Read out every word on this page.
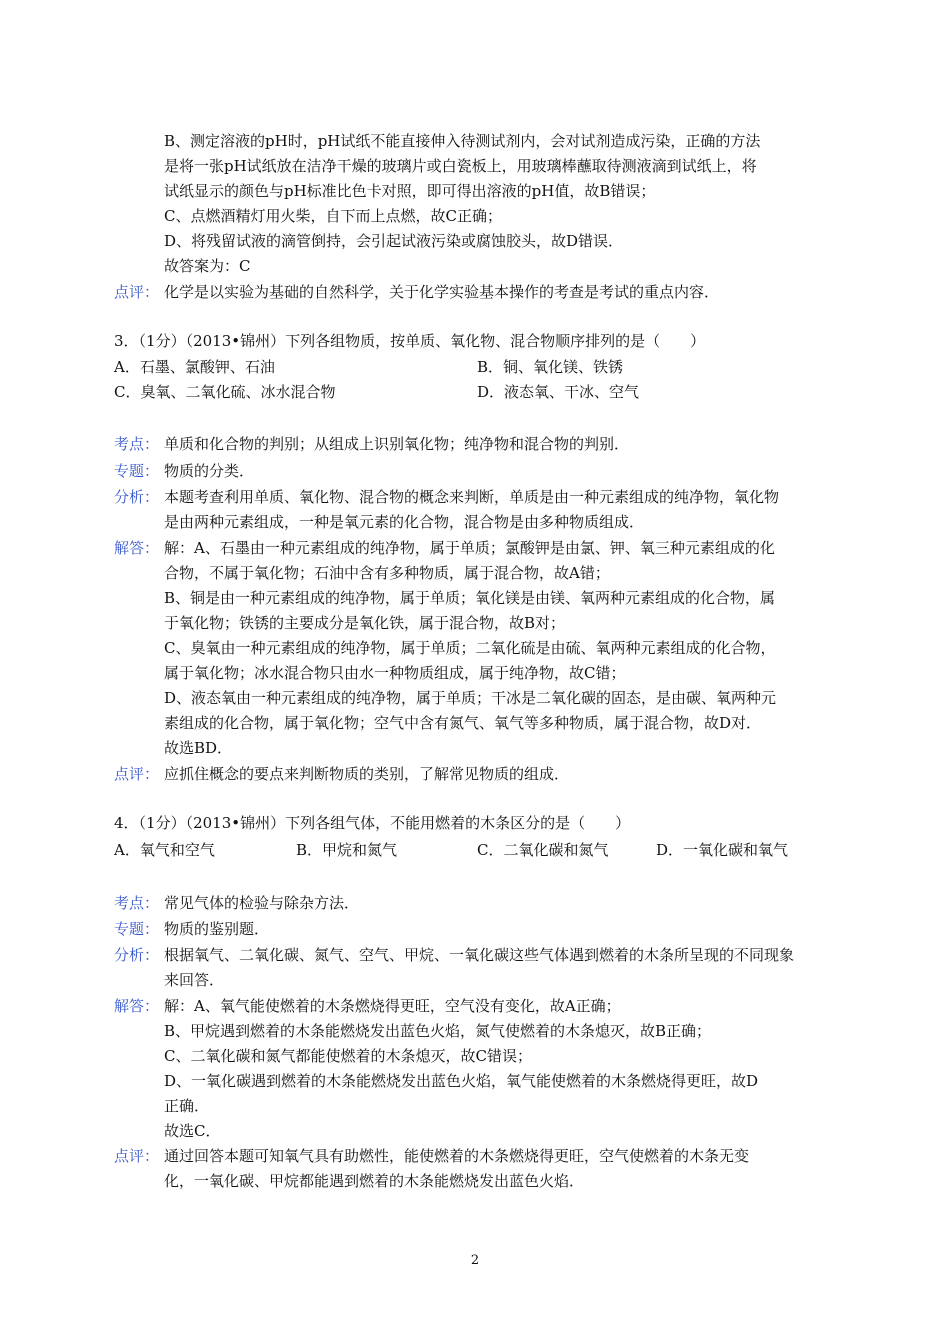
B、测定溶液的pH时，pH试纸不能直接伸入待测试剂内，会对试剂造成污染，正确的方法
是将一张pH试纸放在洁净干燥的玻璃片或白瓷板上，用玻璃棒蘸取待测液滴到试纸上，将
试纸显示的颜色与pH标准比色卡对照，即可得出溶液的pH值，故B错误；
C、点燃酒精灯用火柴，自下而上点燃，故C正确；
D、将残留试液的滴管倒持，会引起试液污染或腐蚀胶头，故D错误．
故答案为：C
点评： 化学是以实验为基础的自然科学，关于化学实验基本操作的考查是考试的重点内容．
3．（1分）（2013•锦州）下列各组物质，按单质、氧化物、混合物顺序排列的是（　　）
A．石墨、氯酸钾、石油	B．铜、氧化镁、铁锈
C．臭氧、二氧化硫、冰水混合物	D．液态氧、干冰、空气
考点： 单质和化合物的判别；从组成上识别氧化物；纯净物和混合物的判别．
专题： 物质的分类．
分析： 本题考查利用单质、氧化物、混合物的概念来判断，单质是由一种元素组成的纯净物，氧化物
是由两种元素组成，一种是氧元素的化合物，混合物是由多种物质组成．
解答： 解：A、石墨由一种元素组成的纯净物，属于单质；氯酸钾是由氯、钾、氧三种元素组成的化
合物，不属于氧化物；石油中含有多种物质，属于混合物，故A错；
B、铜是由一种元素组成的纯净物，属于单质；氧化镁是由镁、氧两种元素组成的化合物，属
于氧化物；铁锈的主要成分是氧化铁，属于混合物，故B对；
C、臭氧由一种元素组成的纯净物，属于单质；二氧化硫是由硫、氧两种元素组成的化合物，
属于氧化物；冰水混合物只由水一种物质组成，属于纯净物，故C错；
D、液态氧由一种元素组成的纯净物，属于单质；干冰是二氧化碳的固态，是由碳、氧两种元
素组成的化合物，属于氧化物；空气中含有氮气、氧气等多种物质，属于混合物，故D对．
故选BD．
点评： 应抓住概念的要点来判断物质的类别，了解常见物质的组成．
4．（1分）（2013•锦州）下列各组气体，不能用燃着的木条区分的是（　　）
A．氧气和空气	B．甲烷和氮气	C．二氧化碳和氮气	D．一氧化碳和氧气
考点： 常见气体的检验与除杂方法．
专题： 物质的鉴别题．
分析： 根据氧气、二氧化碳、氮气、空气、甲烷、一氧化碳这些气体遇到燃着的木条所呈现的不同现象
来回答．
解答： 解：A、氧气能使燃着的木条燃烧得更旺，空气没有变化，故A正确；
B、甲烷遇到燃着的木条能燃烧发出蓝色火焰，氮气使燃着的木条熄灭，故B正确；
C、二氧化碳和氮气都能使燃着的木条熄灭，故C错误；
D、一氧化碳遇到燃着的木条能燃烧发出蓝色火焰，氧气能使燃着的木条燃烧得更旺，故D
正确．
故选C．
点评： 通过回答本题可知氧气具有助燃性，能使燃着的木条燃烧得更旺，空气使燃着的木条无变
化，一氧化碳、甲烷都能遇到燃着的木条能燃烧发出蓝色火焰．
2
